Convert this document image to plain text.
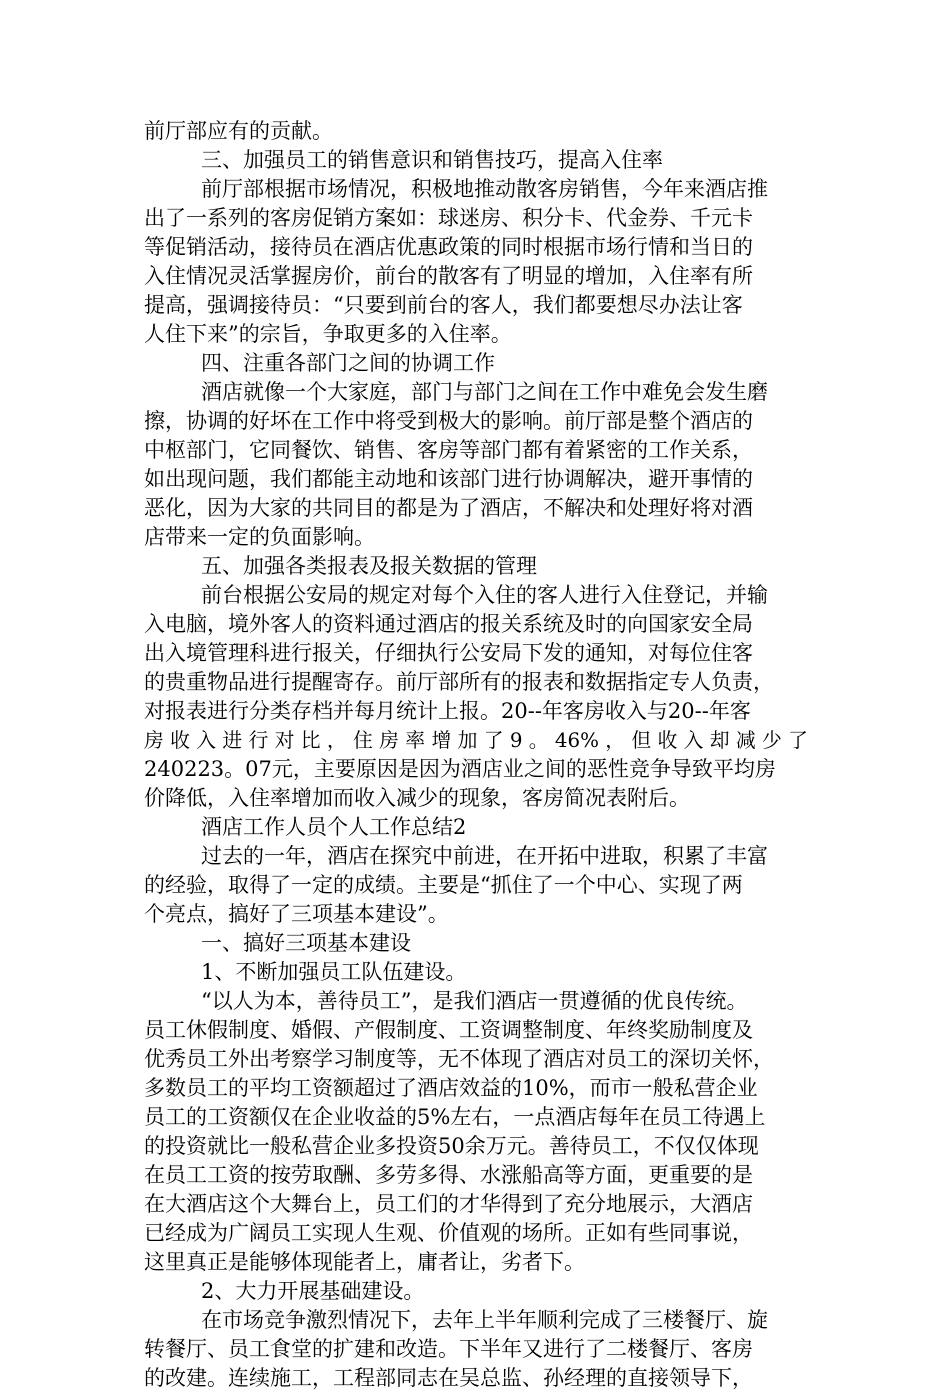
前厅部应有的贡献。
三、加强员工的销售意识和销售技巧，提高入住率
前厅部根据市场情况，积极地推动散客房销售，今年来酒店推
出了一系列的客房促销方案如：球迷房、积分卡、代金券、千元卡
等促销活动，接待员在酒店优惠政策的同时根据市场行情和当日的
入住情况灵活掌握房价，前台的散客有了明显的增加，入住率有所
提高，强调接待员：“只要到前台的客人，我们都要想尽办法让客
人住下来”的宗旨，争取更多的入住率。
四、注重各部门之间的协调工作
酒店就像一个大家庭，部门与部门之间在工作中难免会发生磨
擦，协调的好坏在工作中将受到极大的影响。前厅部是整个酒店的
中枢部门，它同餐饮、销售、客房等部门都有着紧密的工作关系，
如出现问题，我们都能主动地和该部门进行协调解决，避开事情的
恶化，因为大家的共同目的都是为了酒店，不解决和处理好将对酒
店带来一定的负面影响。
五、加强各类报表及报关数据的管理
前台根据公安局的规定对每个入住的客人进行入住登记，并输
入电脑，境外客人的资料通过酒店的报关系统及时的向国家安全局
出入境管理科进行报关，仔细执行公安局下发的通知，对每位住客
的贵重物品进行提醒寄存。前厅部所有的报表和数据指定专人负责，
对报表进行分类存档并每月统计上报。20--年客房收入与20--年客
房 收 入 进 行 对 比 ， 住 房 率 增 加 了 9 。 46% ， 但 收 入 却 减 少 了
240223。07元，主要原因是因为酒店业之间的恶性竞争导致平均房
价降低，入住率增加而收入减少的现象，客房简况表附后。
酒店工作人员个人工作总结2
过去的一年，酒店在探究中前进，在开拓中进取，积累了丰富
的经验，取得了一定的成绩。主要是“抓住了一个中心、实现了两
个亮点，搞好了三项基本建设”。
一、搞好三项基本建设
1、不断加强员工队伍建设。
“以人为本，善待员工”，是我们酒店一贯遵循的优良传统。
员工休假制度、婚假、产假制度、工资调整制度、年终奖励制度及
优秀员工外出考察学习制度等，无不体现了酒店对员工的深切关怀，
多数员工的平均工资额超过了酒店效益的10%，而市一般私营企业
员工的工资额仅在企业收益的5%左右，一点酒店每年在员工待遇上
的投资就比一般私营企业多投资50余万元。善待员工，不仅仅体现
在员工工资的按劳取酬、多劳多得、水涨船高等方面，更重要的是
在大酒店这个大舞台上，员工们的才华得到了充分地展示，大酒店
已经成为广阔员工实现人生观、价值观的场所。正如有些同事说，
这里真正是能够体现能者上，庸者让，劣者下。
2、大力开展基础建设。
在市场竞争激烈情况下，去年上半年顺利完成了三楼餐厅、旋
转餐厅、员工食堂的扩建和改造。下半年又进行了二楼餐厅、客房
的改建。连续施工，工程部同志在吴总监、孙经理的直接领导下，
